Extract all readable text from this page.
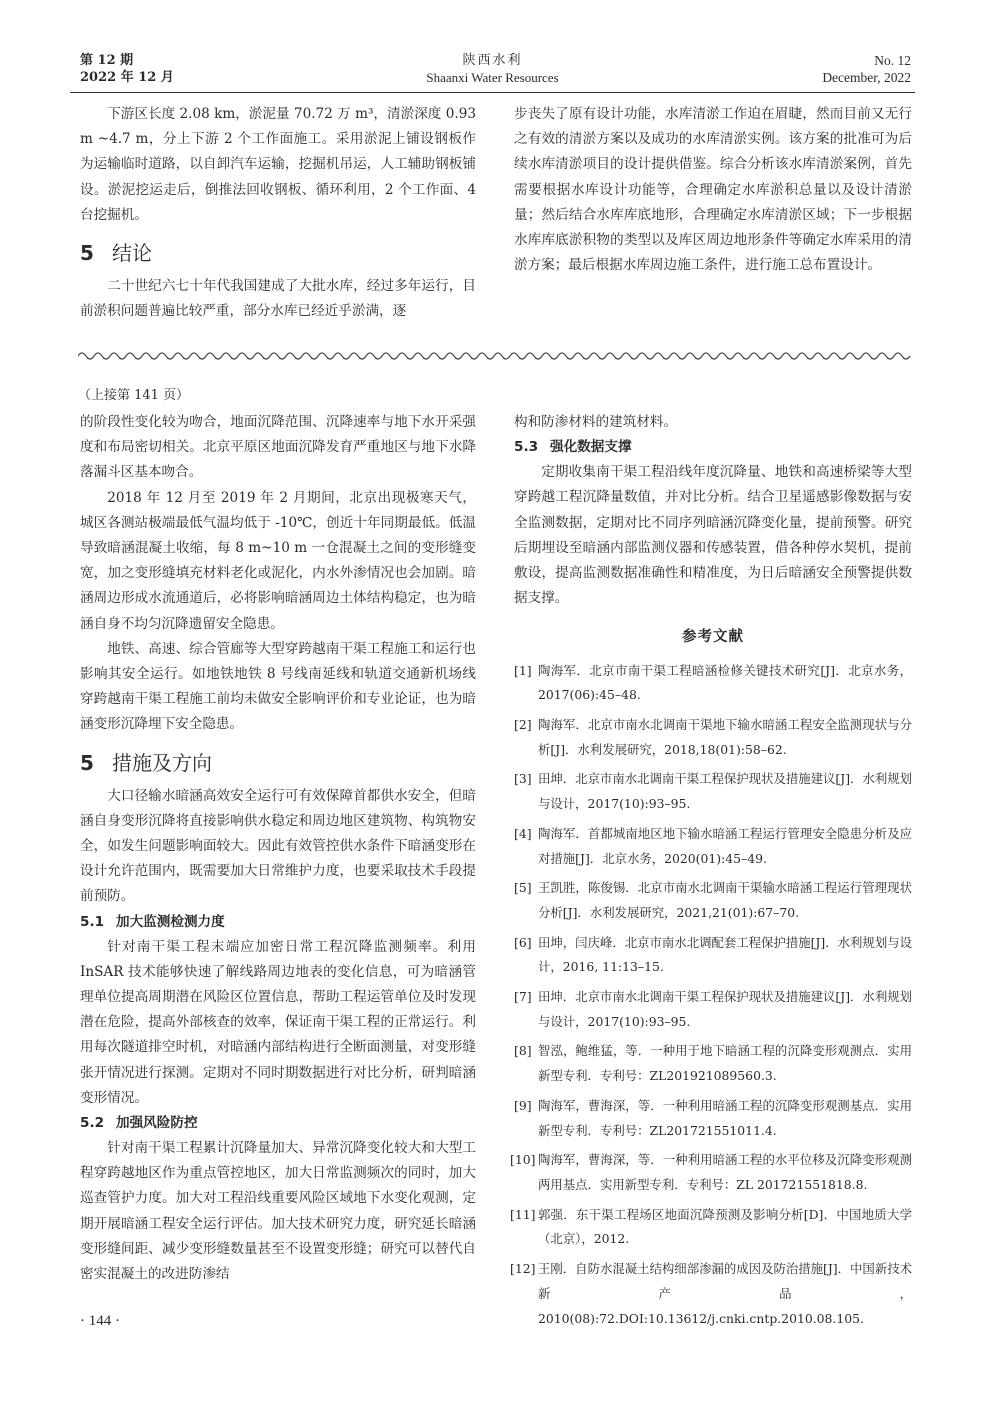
第 12 期
2022 年 12 月
陕西水利
Shaanxi Water Resources
No. 12
December, 2022

下游区长度 2.08 km，淤泥量 70.72 万 m³，清淤深度 0.93 m ~4.7 m，分上下游 2 个工作面施工。采用淤泥上铺设钢板作为运输临时道路，以自卸汽车运输，挖掘机吊运，人工辅助钢板铺设。淤泥挖运走后，倒推法回收钢板、循环利用，2 个工作面、4 台挖掘机。

5 结论

二十世纪六七十年代我国建成了大批水库，经过多年运行，目前淤积问题普遍比较严重，部分水库已经近乎淤满，逐

步丧失了原有设计功能，水库清淤工作迫在眉睫，然而目前又无行之有效的清淤方案以及成功的水库清淤实例。该方案的批准可为后续水库清淤项目的设计提供借鉴。综合分析该水库清淤案例，首先需要根据水库设计功能等，合理确定水库淤积总量以及设计清淤量；然后结合水库库底地形，合理确定水库清淤区域；下一步根据水库库底淤积物的类型以及库区周边地形条件等确定水库采用的清淤方案；最后根据水库周边施工条件，进行施工总布置设计。

（上接第 141 页）

的阶段性变化较为吻合，地面沉降范围、沉降速率与地下水开采强度和布局密切相关。北京平原区地面沉降发育严重地区与地下水降落漏斗区基本吻合。

2018 年 12 月至 2019 年 2 月期间，北京出现极寒天气，城区各测站极端最低气温均低于 -10℃，创近十年同期最低。低温导致暗涵混凝土收缩，每 8 m~10 m 一仓混凝土之间的变形缝变宽，加之变形缝填充材料老化或泥化，内水外渗情况也会加剧。暗涵周边形成水流通道后，必将影响暗涵周边土体结构稳定，也为暗涵自身不均匀沉降遗留安全隐患。

地铁、高速、综合管廊等大型穿跨越南干渠工程施工和运行也影响其安全运行。如地铁地铁 8 号线南延线和轨道交通新机场线穿跨越南干渠工程施工前均未做安全影响评价和专业论证，也为暗涵变形沉降埋下安全隐患。

5 措施及方向

大口径输水暗涵高效安全运行可有效保障首都供水安全，但暗涵自身变形沉降将直接影响供水稳定和周边地区建筑物、构筑物安全，如发生问题影响面较大。因此有效管控供水条件下暗涵变形在设计允许范围内，既需要加大日常维护力度，也要采取技术手段提前预防。

5.1 加大监测检测力度

针对南干渠工程末端应加密日常工程沉降监测频率。利用 InSAR 技术能够快速了解线路周边地表的变化信息，可为暗涵管理单位提高周期潜在风险区位置信息，帮助工程运管单位及时发现潜在危险，提高外部核查的效率，保证南干渠工程的正常运行。利用每次隧道排空时机，对暗涵内部结构进行全断面测量，对变形缝张开情况进行探测。定期对不同时期数据进行对比分析，研判暗涵变形情况。

5.2 加强风险防控

针对南干渠工程累计沉降量加大、异常沉降变化较大和大型工程穿跨越地区作为重点管控地区，加大日常监测频次的同时，加大巡查管护力度。加大对工程沿线重要风险区域地下水变化观测，定期开展暗涵工程安全运行评估。加大技术研究力度，研究延长暗涵变形缝间距、减少变形缝数量甚至不设置变形缝；研究可以替代自密实混凝土的改进防渗结

构和防渗材料的建筑材料。

5.3 强化数据支撑

定期收集南干渠工程沿线年度沉降量、地铁和高速桥梁等大型穿跨越工程沉降量数值，并对比分析。结合卫星遥感影像数据与安全监测数据，定期对比不同序列暗涵沉降变化量，提前预警。研究后期埋设至暗涵内部监测仪器和传感装置，借各种停水契机，提前敷设，提高监测数据准确性和精准度，为日后暗涵安全预警提供数据支撑。

参考文献
[1] 陶海军．北京市南干渠工程暗涵检修关键技术研究[J]．北京水务，2017(06):45–48.
[2] 陶海军．北京市南水北调南干渠地下输水暗涵工程安全监测现状与分析[J]．水利发展研究，2018,18(01):58–62.
[3] 田坤．北京市南水北调南干渠工程保护现状及措施建议[J]．水利规划与设计，2017(10):93–95.
[4] 陶海军．首都城南地区地下输水暗涵工程运行管理安全隐患分析及应对措施[J]．北京水务，2020(01):45–49.
[5] 王凯胜，陈俊锡．北京市南水北调南干渠输水暗涵工程运行管理现状分析[J]．水利发展研究，2021,21(01):67–70.
[6] 田坤，闫庆峰．北京市南水北调配套工程保护措施[J]．水利规划与设计，2016, 11:13–15.
[7] 田坤．北京市南水北调南干渠工程保护现状及措施建议[J]．水利规划与设计，2017(10):93–95.
[8] 智泓，鲍维猛，等．一种用于地下暗涵工程的沉降变形观测点．实用新型专利．专利号：ZL201921089560.3.
[9] 陶海军，曹海深，等．一种利用暗涵工程的沉降变形观测基点．实用新型专利．专利号：ZL201721551011.4.
[10] 陶海军，曹海深，等．一种利用暗涵工程的水平位移及沉降变形观测两用基点．实用新型专利．专利号：ZL 201721551818.8.
[11] 郭强．东干渠工程场区地面沉降预测及影响分析[D]．中国地质大学（北京），2012.
[12] 王刚．自防水混凝土结构细部渗漏的成因及防治措施[J]．中国新技术新产品，2010(08):72.DOI:10.13612/j.cnki.cntp.2010.08.105.
· 144 ·
